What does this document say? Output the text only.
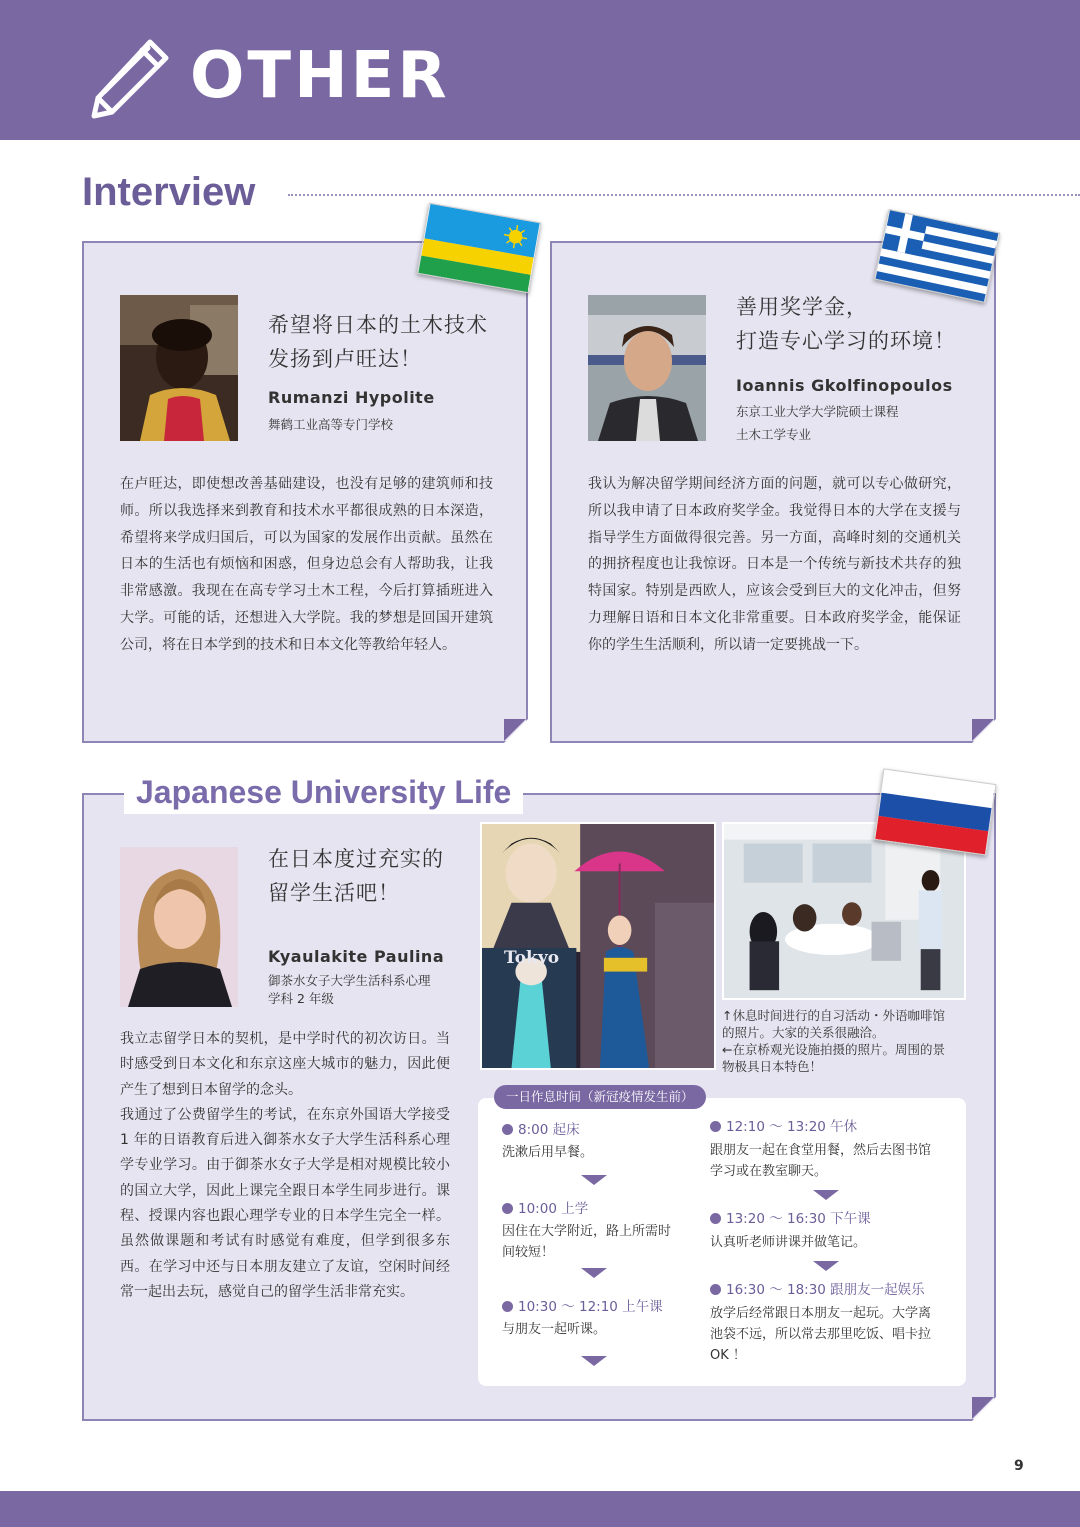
OTHER
Interview
希望将日本的土木技术
发扬到卢旺达！
Rumanzi Hypolite
舞鹤工业高等专门学校
在卢旺达，即使想改善基础建设，也没有足够的建筑师和技师。所以我选择来到教育和技术水平都很成熟的日本深造，希望将来学成归国后，可以为国家的发展作出贡献。虽然在日本的生活也有烦恼和困惑，但身边总会有人帮助我，让我非常感激。我现在在高专学习土木工程，今后打算插班进入大学。可能的话，还想进入大学院。我的梦想是回国开建筑公司，将在日本学到的技术和日本文化等教给年轻人。
善用奖学金，
打造专心学习的环境！
Ioannis Gkolfinopoulos
东京工业大学大学院硕士课程
土木工学专业
我认为解决留学期间经济方面的问题，就可以专心做研究，所以我申请了日本政府奖学金。我觉得日本的大学在支援与指导学生方面做得很完善。另一方面，高峰时刻的交通机关的拥挤程度也让我惊讶。日本是一个传统与新技术共存的独特国家。特别是西欧人，应该会受到巨大的文化冲击，但努力理解日语和日本文化非常重要。日本政府奖学金，能保证你的学生生活顺利，所以请一定要挑战一下。
Japanese University Life
在日本度过充实的
留学生活吧！
Kyaulakite Paulina
御茶水女子大学生活科系心理
学科 2 年级
我立志留学日本的契机，是中学时代的初次访日。当时感受到日本文化和东京这座大城市的魅力，因此便产生了想到日本留学的念头。
我通过了公费留学生的考试，在东京外国语大学接受 1 年的日语教育后进入御茶水女子大学生活科系心理学专业学习。由于御茶水女子大学是相对规模比较小的国立大学，因此上课完全跟日本学生同步进行。课程、授课内容也跟心理学专业的日本学生完全一样。虽然做课题和考试有时感觉有难度，但学到很多东西。在学习中还与日本朋友建立了友谊，空闲时间经常一起出去玩，感觉自己的留学生活非常充实。
Tokyo
↑休息时间进行的自习活动・外语咖啡馆
的照片。大家的关系很融洽。
←在京桥观光设施拍摄的照片。周围的景
物极具日本特色！
一日作息时间（新冠疫情发生前）
8:00 起床
洗漱后用早餐。
10:00 上学
因住在大学附近，路上所需时
间较短！
10:30 ～ 12:10 上午课
与朋友一起听课。
12:10 ～ 13:20 午休
跟朋友一起在食堂用餐，然后去图书馆
学习或在教室聊天。
13:20 ～ 16:30 下午课
认真听老师讲课并做笔记。
16:30 ～ 18:30 跟朋友一起娱乐
放学后经常跟日本朋友一起玩。大学离
池袋不远，所以常去那里吃饭、唱卡拉
OK ！
9
